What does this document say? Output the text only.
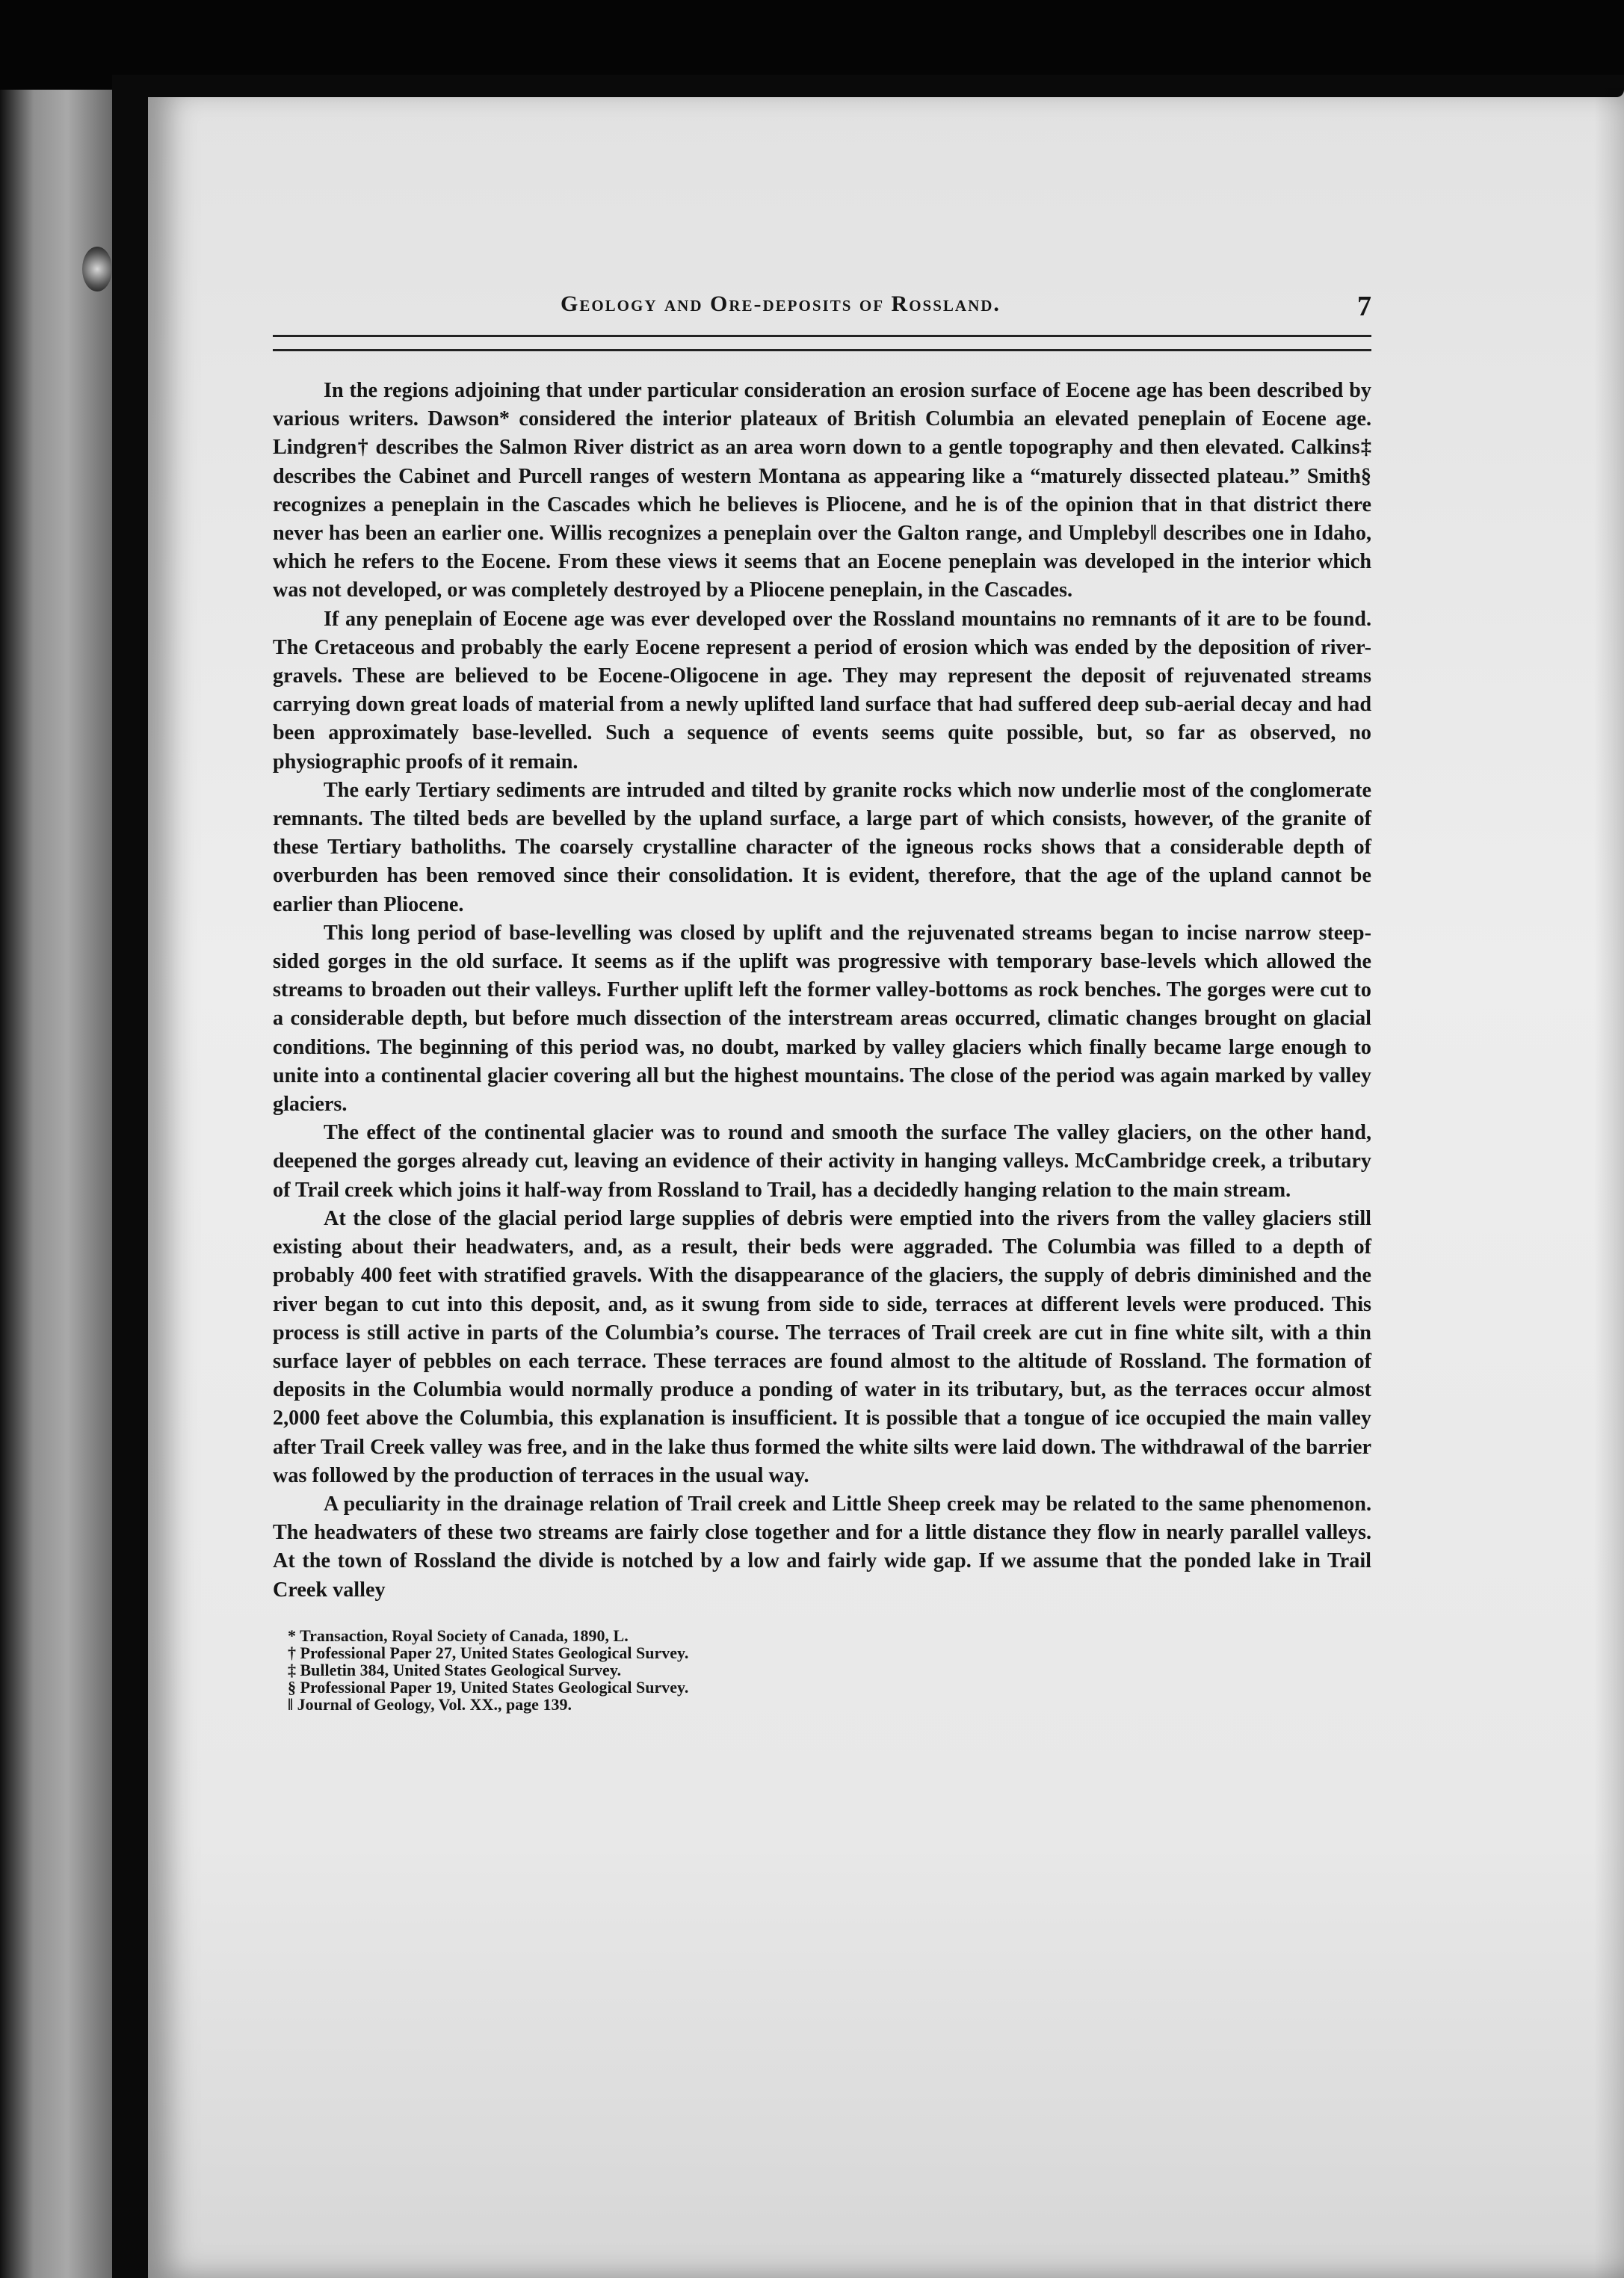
Geology and Ore-deposits of Rossland.	7

In the regions adjoining that under particular consideration an erosion surface of Eocene age has been described by various writers. Dawson* considered the interior plateaux of British Columbia an elevated peneplain of Eocene age. Lindgren† describes the Salmon River district as an area worn down to a gentle topography and then elevated. Calkins‡ describes the Cabinet and Purcell ranges of western Montana as appearing like a “maturely dissected plateau.” Smith§ recognizes a peneplain in the Cascades which he believes is Pliocene, and he is of the opinion that in that district there never has been an earlier one. Willis recognizes a peneplain over the Galton range, and Umpleby‖ describes one in Idaho, which he refers to the Eocene. From these views it seems that an Eocene peneplain was developed in the interior which was not developed, or was completely destroyed by a Pliocene peneplain, in the Cascades.

If any peneplain of Eocene age was ever developed over the Rossland mountains no remnants of it are to be found. The Cretaceous and probably the early Eocene represent a period of erosion which was ended by the deposition of river-gravels. These are believed to be Eocene-Oligocene in age. They may represent the deposit of rejuvenated streams carrying down great loads of material from a newly uplifted land surface that had suffered deep sub-aerial decay and had been approximately base-levelled. Such a sequence of events seems quite possible, but, so far as observed, no physiographic proofs of it remain.

The early Tertiary sediments are intruded and tilted by granite rocks which now underlie most of the conglomerate remnants. The tilted beds are bevelled by the upland surface, a large part of which consists, however, of the granite of these Tertiary batholiths. The coarsely crystalline character of the igneous rocks shows that a considerable depth of overburden has been removed since their consolidation. It is evident, therefore, that the age of the upland cannot be earlier than Pliocene.

This long period of base-levelling was closed by uplift and the rejuvenated streams began to incise narrow steep-sided gorges in the old surface. It seems as if the uplift was progressive with temporary base-levels which allowed the streams to broaden out their valleys. Further uplift left the former valley-bottoms as rock benches. The gorges were cut to a considerable depth, but before much dissection of the interstream areas occurred, climatic changes brought on glacial conditions. The beginning of this period was, no doubt, marked by valley glaciers which finally became large enough to unite into a continental glacier covering all but the highest mountains. The close of the period was again marked by valley glaciers.

The effect of the continental glacier was to round and smooth the surface The valley glaciers, on the other hand, deepened the gorges already cut, leaving an evidence of their activity in hanging valleys. McCambridge creek, a tributary of Trail creek which joins it half-way from Rossland to Trail, has a decidedly hanging relation to the main stream.

At the close of the glacial period large supplies of debris were emptied into the rivers from the valley glaciers still existing about their headwaters, and, as a result, their beds were aggraded. The Columbia was filled to a depth of probably 400 feet with stratified gravels. With the disappearance of the glaciers, the supply of debris diminished and the river began to cut into this deposit, and, as it swung from side to side, terraces at different levels were produced. This process is still active in parts of the Columbia’s course. The terraces of Trail creek are cut in fine white silt, with a thin surface layer of pebbles on each terrace. These terraces are found almost to the altitude of Rossland. The formation of deposits in the Columbia would normally produce a ponding of water in its tributary, but, as the terraces occur almost 2,000 feet above the Columbia, this explanation is insufficient. It is possible that a tongue of ice occupied the main valley after Trail Creek valley was free, and in the lake thus formed the white silts were laid down. The withdrawal of the barrier was followed by the production of terraces in the usual way.

A peculiarity in the drainage relation of Trail creek and Little Sheep creek may be related to the same phenomenon. The headwaters of these two streams are fairly close together and for a little distance they flow in nearly parallel valleys. At the town of Rossland the divide is notched by a low and fairly wide gap. If we assume that the ponded lake in Trail Creek valley

* Transaction, Royal Society of Canada, 1890, L.
† Professional Paper 27, United States Geological Survey.
‡ Bulletin 384, United States Geological Survey.
§ Professional Paper 19, United States Geological Survey.
‖ Journal of Geology, Vol. XX., page 139.
